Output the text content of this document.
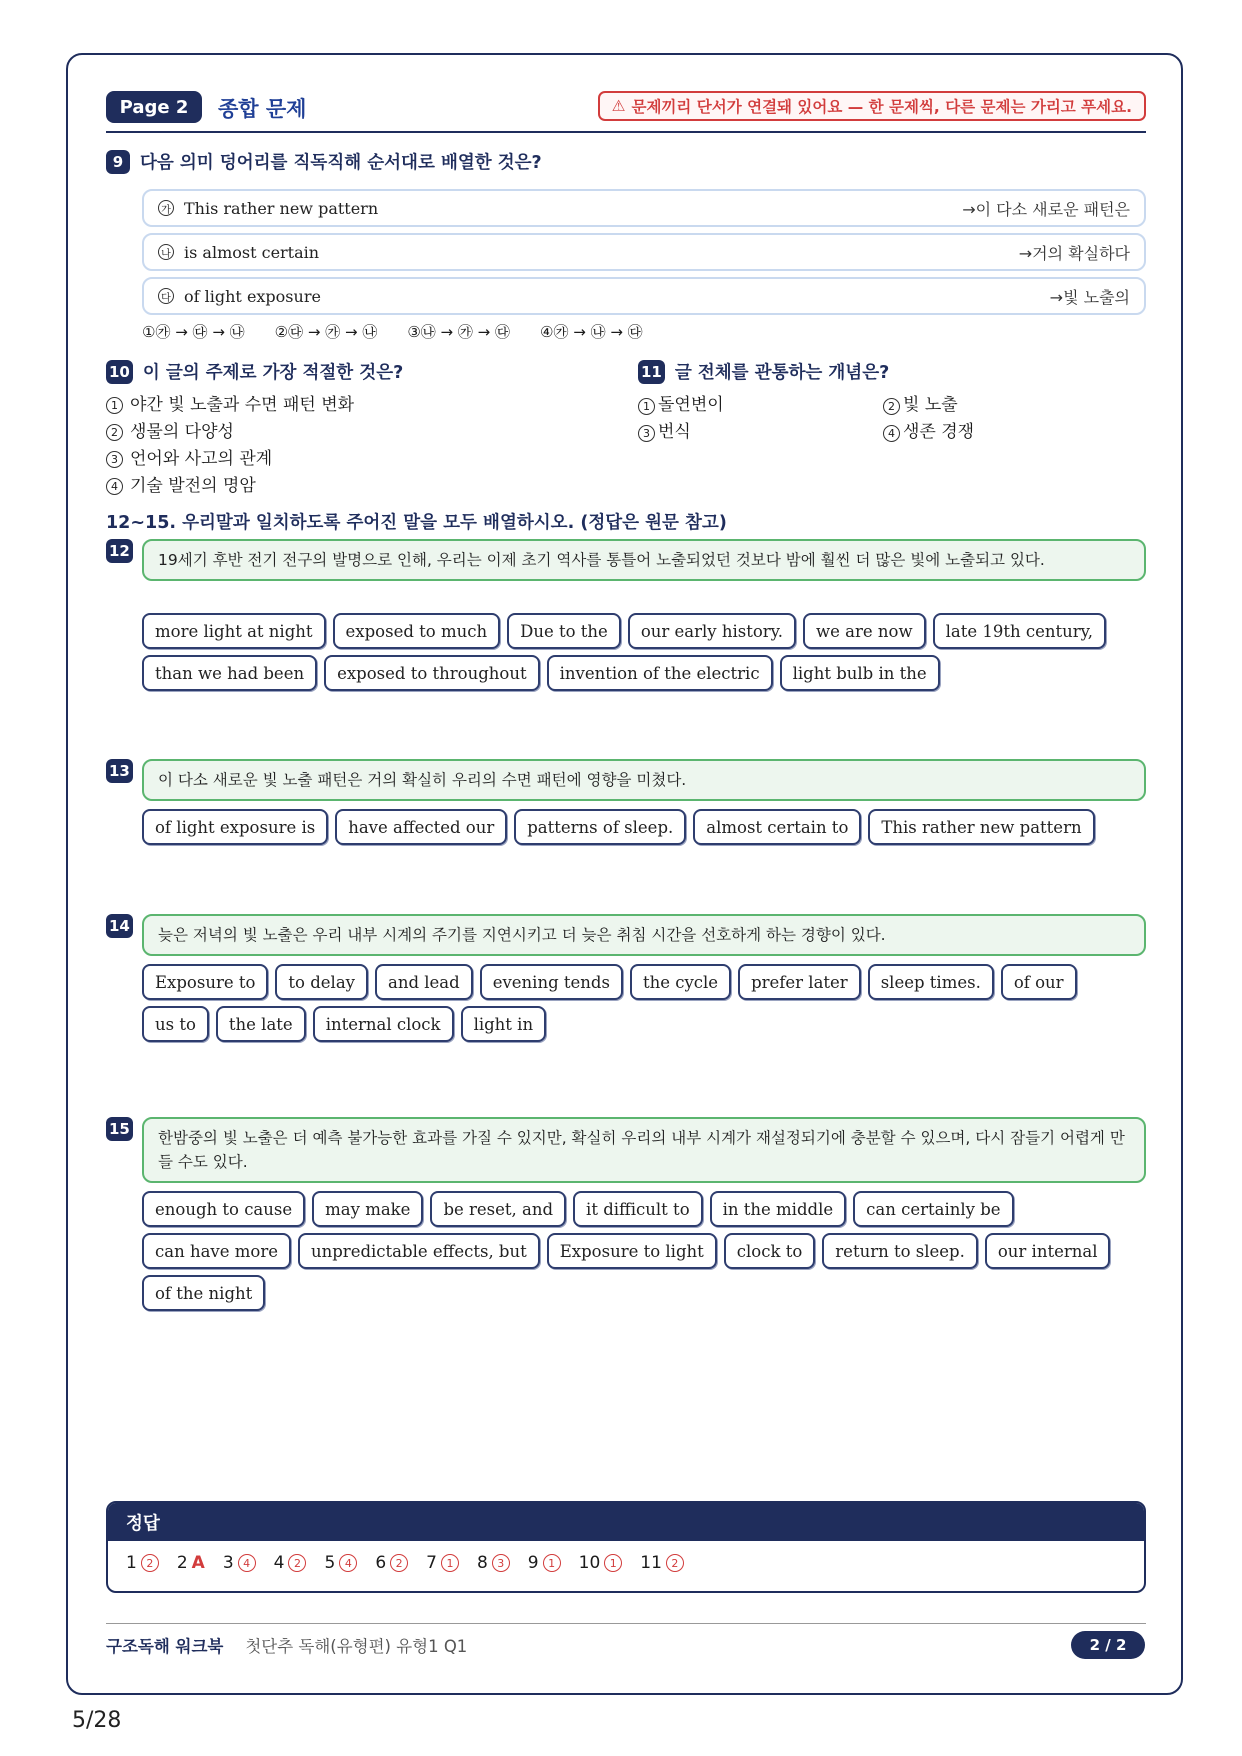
Page 2	종합 문제	⚠ 문제끼리 단서가 연결돼 있어요 — 한 문제씩, 다른 문제는 가리고 푸세요.
9 다음 의미 덩어리를 직독직해 순서대로 배열한 것은?
가 This rather new pattern	→이 다소 새로운 패턴은
나 is almost certain	→거의 확실하다
다 of light exposure	→빛 노출의
①㉮ → ㉰ → ㉯ ②㉰ → ㉮ → ㉯ ③㉯ → ㉮ → ㉰ ④㉮ → ㉯ → ㉰
10 이 글의 주제로 가장 적절한 것은?
1 야간 빛 노출과 수면 패턴 변화
2 생물의 다양성
3 언어와 사고의 관계
4 기술 발전의 명암
11 글 전체를 관통하는 개념은?
1 돌연변이	2 빛 노출
3 번식	4 생존 경쟁
12~15. 우리말과 일치하도록 주어진 말을 모두 배열하시오. (정답은 원문 참고)
12	19세기 후반 전기 전구의 발명으로 인해, 우리는 이제 초기 역사를 통틀어 노출되었던 것보다 밤에 훨씬 더 많은 빛에 노출되고 있다.
more light at night	exposed to much	Due to the	our early history.	we are now	late 19th century,
than we had been	exposed to throughout	invention of the electric	light bulb in the
13	이 다소 새로운 빛 노출 패턴은 거의 확실히 우리의 수면 패턴에 영향을 미쳤다.
of light exposure is	have affected our	patterns of sleep.	almost certain to	This rather new pattern
14	늦은 저녁의 빛 노출은 우리 내부 시계의 주기를 지연시키고 더 늦은 취침 시간을 선호하게 하는 경향이 있다.
Exposure to	to delay	and lead	evening tends	the cycle	prefer later	sleep times.	of our
us to	the late	internal clock	light in
15	한밤중의 빛 노출은 더 예측 불가능한 효과를 가질 수 있지만, 확실히 우리의 내부 시계가 재설정되기에 충분할 수 있으며, 다시 잠들기 어렵게 만들 수도 있다.
enough to cause	may make	be reset, and	it difficult to	in the middle	can certainly be
can have more	unpredictable effects, but	Exposure to light	clock to	return to sleep.	our internal
of the night
정답
1 2	2 A 3 4	4 2	5 4	6 2	7 1	8 3	9 1	10 1	11 2
구조독해 워크북 첫단추 독해(유형편) 유형1 Q1	2 / 2
5/28
